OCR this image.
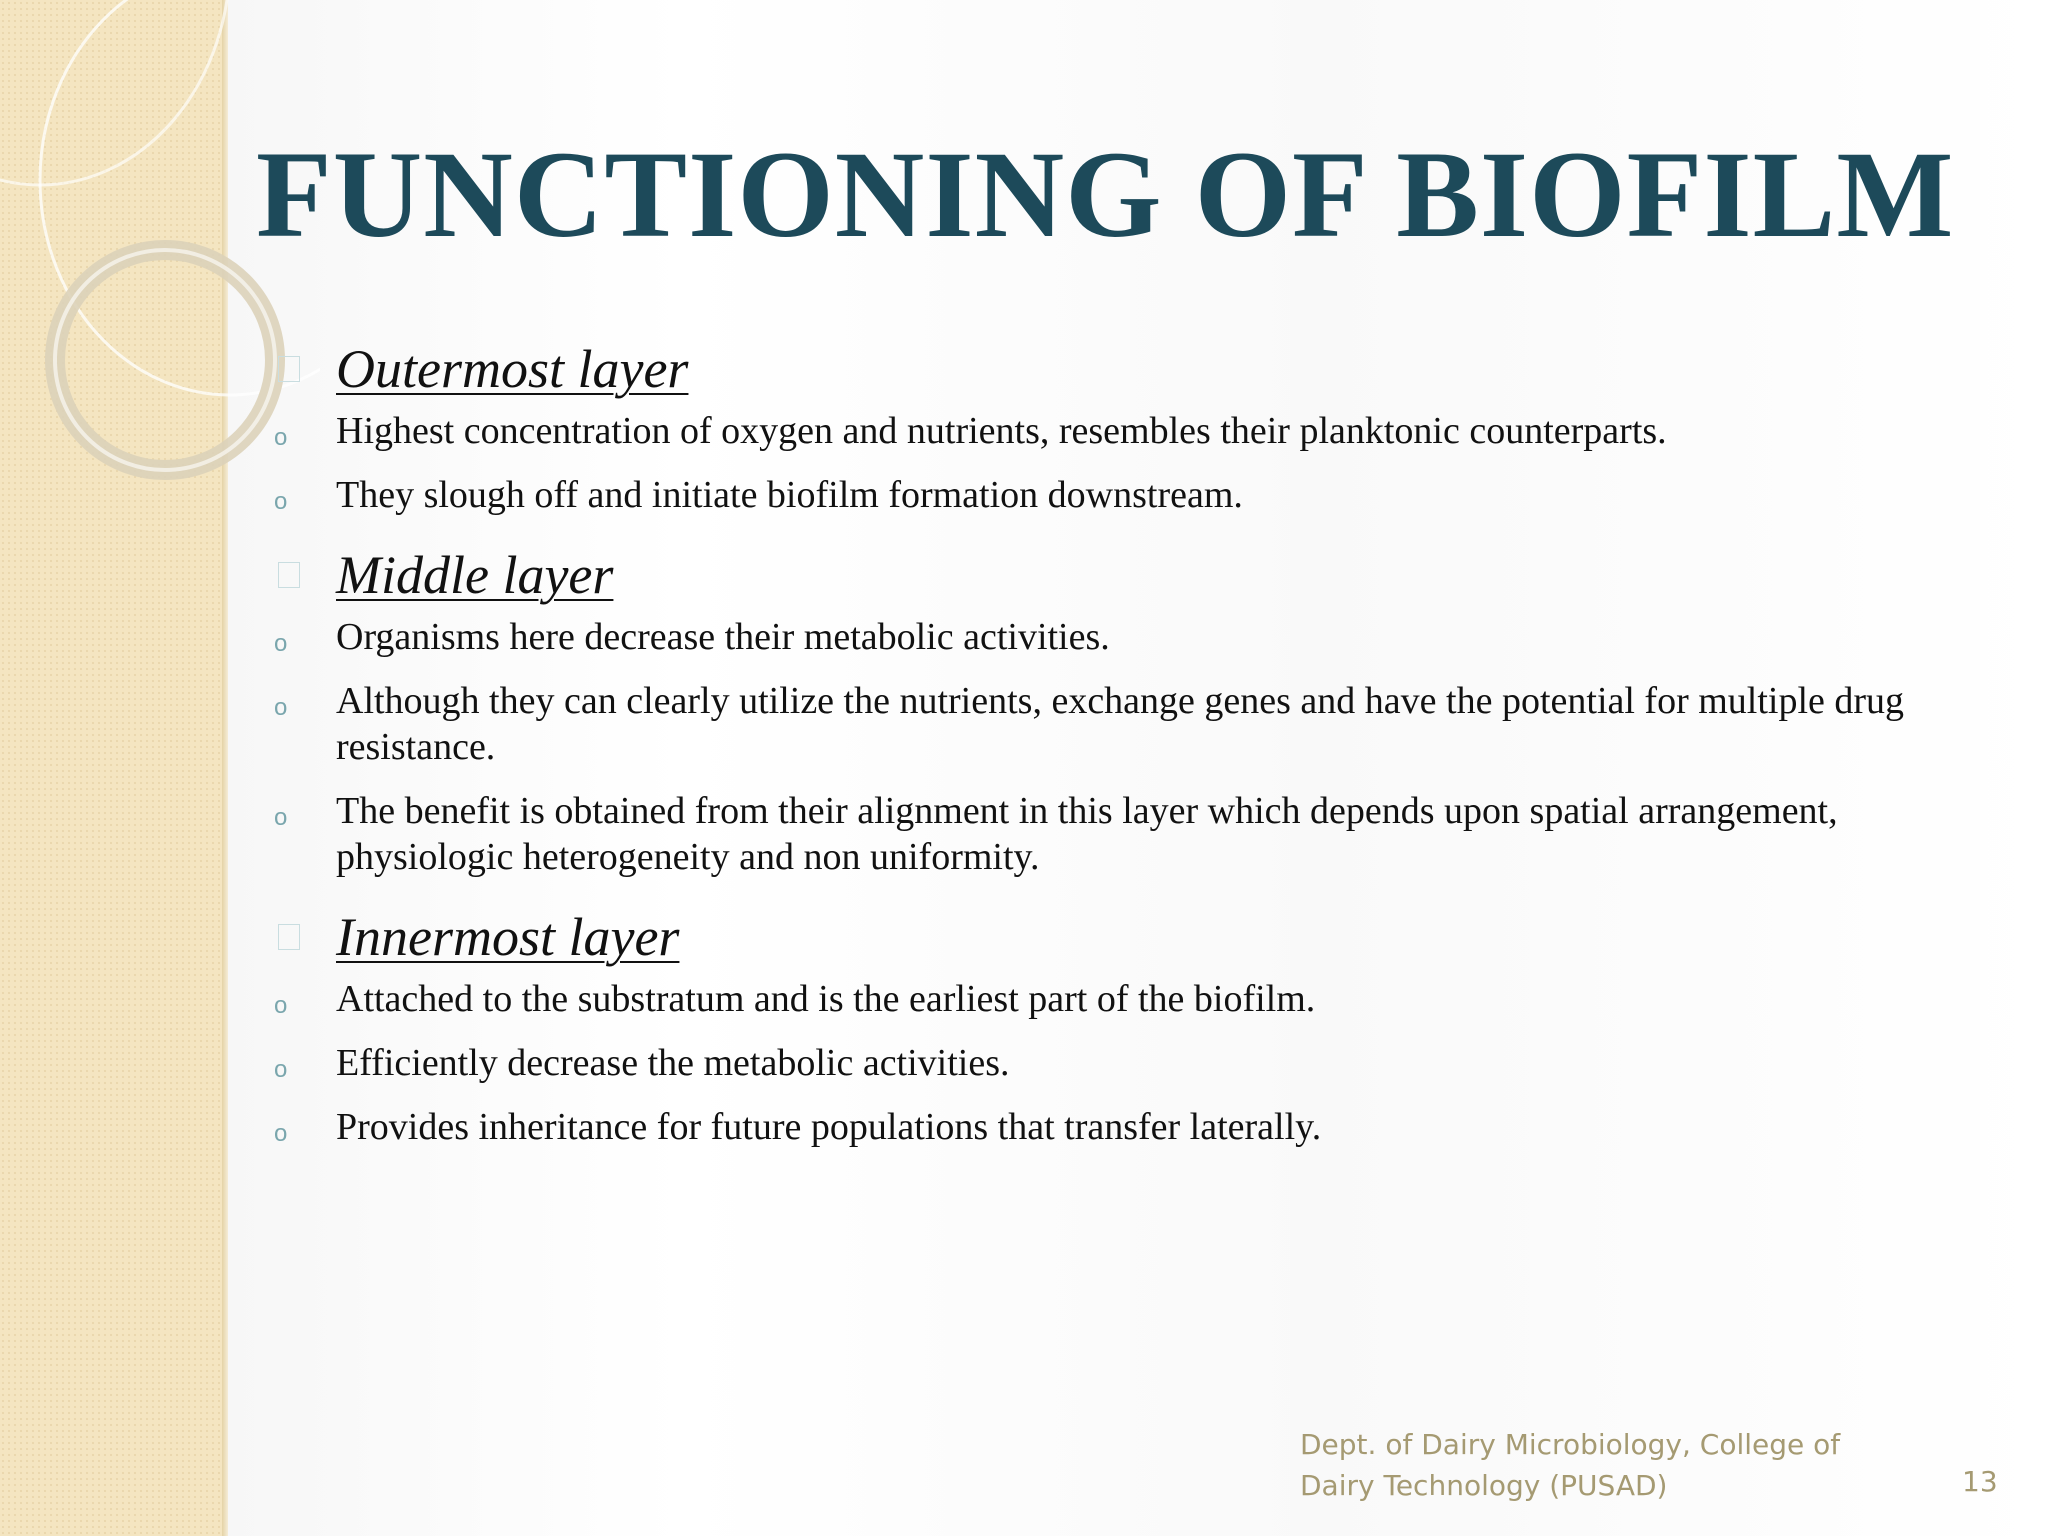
FUNCTIONING OF BIOFILM
Outermost layer
o	Highest concentration of oxygen and nutrients, resembles their planktonic counterparts.
o	They slough off and initiate biofilm formation downstream.
Middle layer
o	Organisms here decrease their metabolic activities.
o	Although they can clearly utilize the nutrients, exchange genes and have the potential for multiple drug resistance.
o	The benefit is obtained from their alignment in this layer which depends upon spatial arrangement, physiologic heterogeneity and non uniformity.
Innermost layer
o	Attached to the substratum and is the earliest part of the biofilm.
o	Efficiently decrease the metabolic activities.
o	Provides inheritance for future populations that transfer laterally.
Dept. of Dairy Microbiology, College of Dairy Technology (PUSAD)	13
